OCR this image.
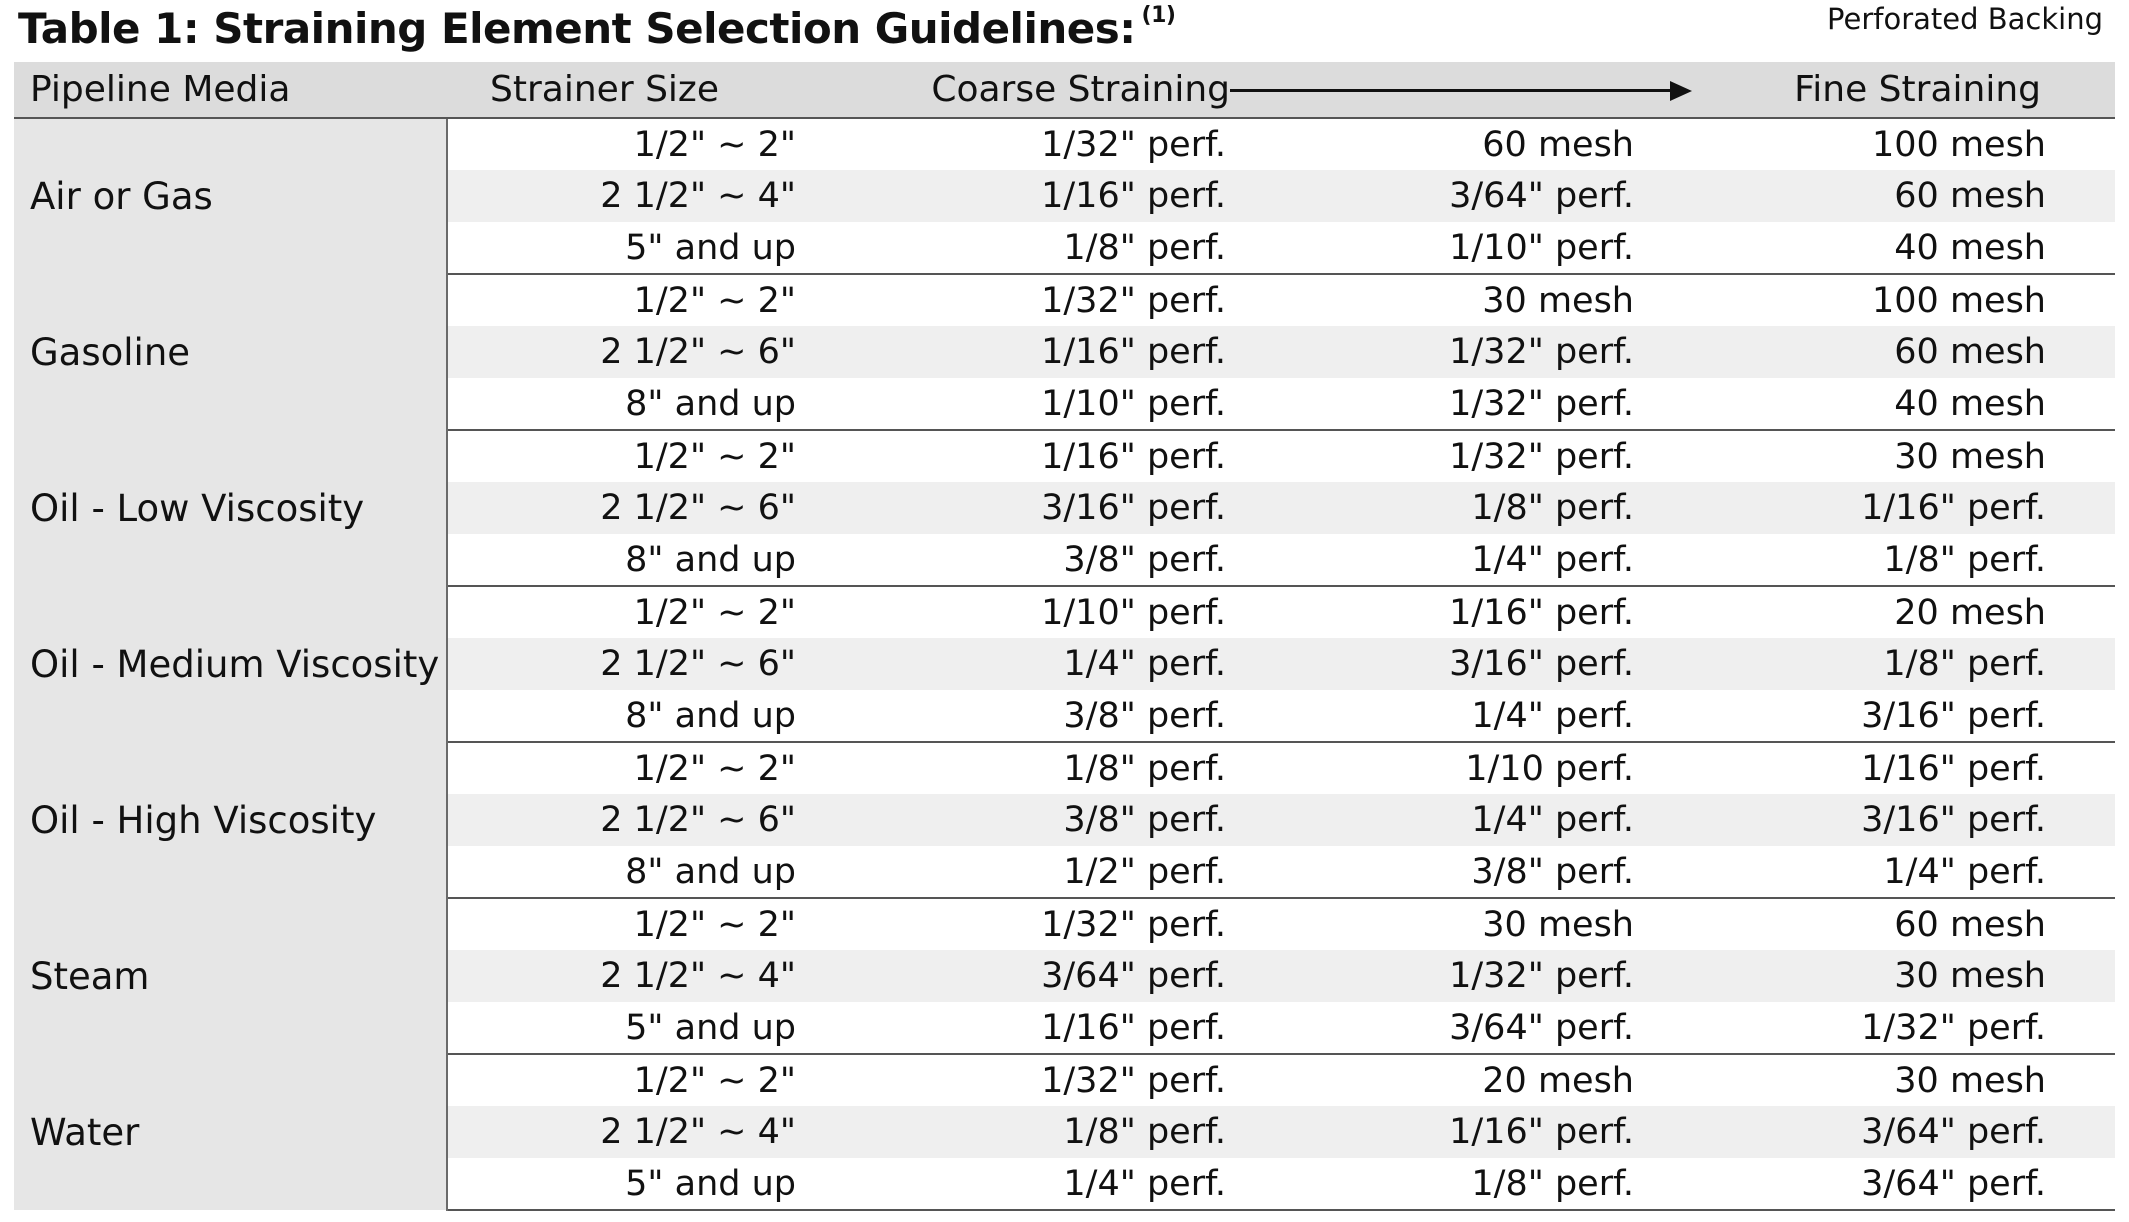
Table 1: Straining Element Selection Guidelines: $^{(1)}$	Perforated Backing
Pipeline Media	Strainer Size	Coarse Straining		Fine Straining
Air or Gas	1/2" ~ 2"	1/32" perf.	60 mesh	100 mesh
	2 1/2" ~ 4"	1/16" perf.	3/64" perf.	60 mesh
	5" and up	1/8" perf.	1/10" perf.	40 mesh
Gasoline	1/2" ~ 2"	1/32" perf.	30 mesh	100 mesh
	2 1/2" ~ 6"	1/16" perf.	1/32" perf.	60 mesh
	8" and up	1/10" perf.	1/32" perf.	40 mesh
Oil - Low Viscosity	1/2" ~ 2"	1/16" perf.	1/32" perf.	30 mesh
	2 1/2" ~ 6"	3/16" perf.	1/8" perf.	1/16" perf.
	8" and up	3/8" perf.	1/4" perf.	1/8" perf.
Oil - Medium Viscosity	1/2" ~ 2"	1/10" perf.	1/16" perf.	20 mesh
	2 1/2" ~ 6"	1/4" perf.	3/16" perf.	1/8" perf.
	8" and up	3/8" perf.	1/4" perf.	3/16" perf.
Oil - High Viscosity	1/2" ~ 2"	1/8" perf.	1/10 perf.	1/16" perf.
	2 1/2" ~ 6"	3/8" perf.	1/4" perf.	3/16" perf.
	8" and up	1/2" perf.	3/8" perf.	1/4" perf.
Steam	1/2" ~ 2"	1/32" perf.	30 mesh	60 mesh
	2 1/2" ~ 4"	3/64" perf.	1/32" perf.	30 mesh
	5" and up	1/16" perf.	3/64" perf.	1/32" perf.
Water	1/2" ~ 2"	1/32" perf.	20 mesh	30 mesh
	2 1/2" ~ 4"	1/8" perf.	1/16" perf.	3/64" perf.
	5" and up	1/4" perf.	1/8" perf.	3/64" perf.
